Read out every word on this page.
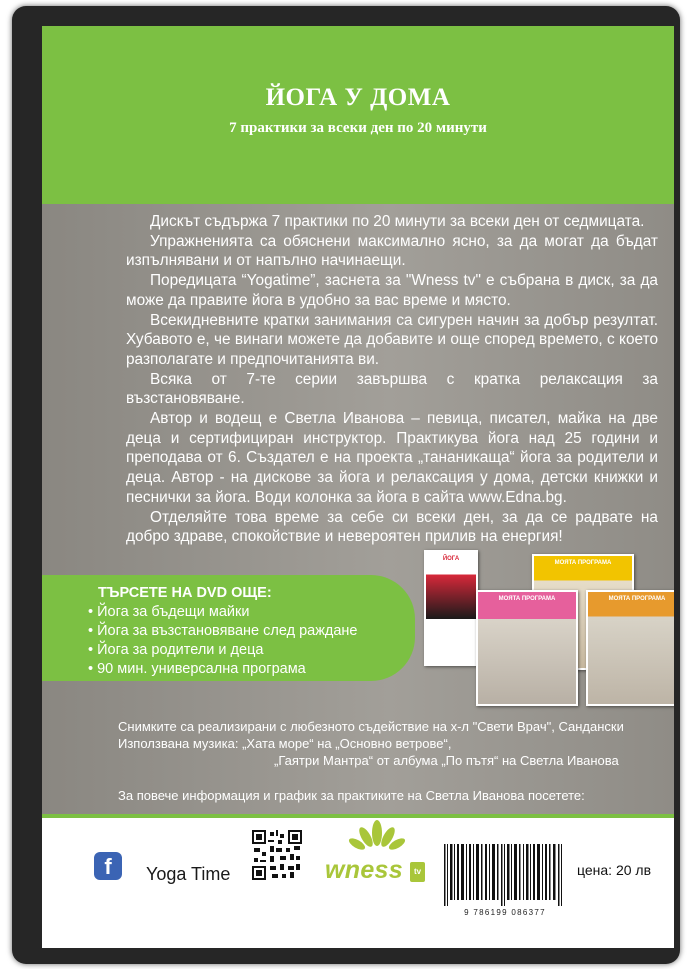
ЙОГА У ДОМА
7 практики за всеки ден по 20 минути

Дискът съдържа 7 практики по 20 минути за всеки ден от седмицата.

Упражненията са обяснени максимално ясно, за да могат да бъдат изпълнявани и от напълно начинаещи.

Поредицата “Yogatime”, заснета за "Wness tv" е събрана в диск, за да може да правите йога в удобно за вас време и място.

Всекидневните кратки занимания са сигурен начин за добър резултат. Хубавото е, че винаги можете да добавите и още според времето, с което разполагате и предпочитанията ви.

Всяка от 7-те серии завършва с кратка релаксация за възстановяване.

Автор и водещ е Светла Иванова – певица, писател, майка на две деца и сертифициран инструктор. Практикува йога над 25 години и преподава от 6. Създател е на проекта „тананикаща“ йога за родители и деца. Автор - на дискове за йога и релаксация у дома, детски книжки и песнички за йога. Води колонка за йога в сайта www.Edna.bg.

Отделяйте това време за себе си всеки ден, за да се радвате на добро здраве, спокойствие и невероятен прилив на енергия!

ТЪРСЕТЕ НА DVD ОЩЕ:
• Йога за бъдещи майки
• Йога за възстановяване след раждане
• Йога за родители и деца
• 90 мин. универсална програма
ЙОГА
МОЯТА ПРОГРАМА
МОЯТА ПРОГРАМА	МОЯТА ПРОГРАМА
Снимките са реализирани с любезното съдействие на х-л "Свети Врач", Сандански
Използвана музика: „Хата море“ на „Основно ветрове“,
„Гаятри Мантра“ от албума „По пътя“ на Светла Иванова
За повече информация и график за практиките на Светла Иванова посетете:
f	Yoga Time	wness	tv
9 786199 086377
цена: 20 лв
